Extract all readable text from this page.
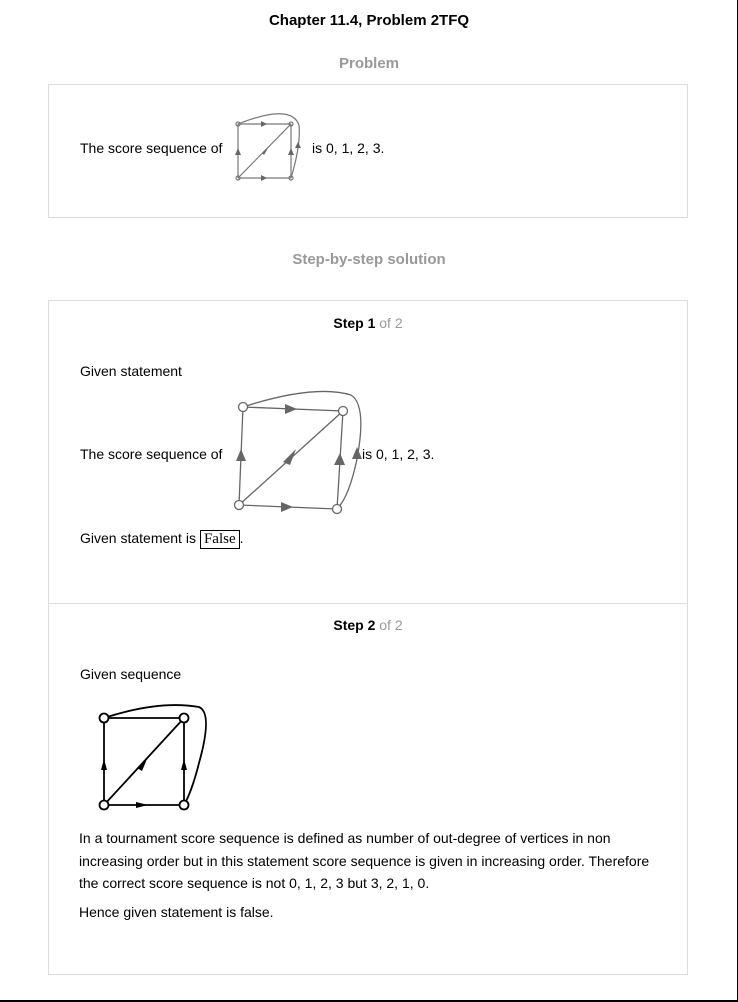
Chapter 11.4, Problem 2TFQ
Problem
The score sequence of	is 0, 1, 2, 3.
Step-by-step solution
Step 1 of 2
Given statement
The score sequence of	is 0, 1, 2, 3.
Given statement is False .
Step 2 of 2
Given sequence
In a tournament score sequence is defined as number of out-degree of vertices in non increasing order but in this statement score sequence is given in increasing order. Therefore the correct score sequence is not 0, 1, 2, 3 but 3, 2, 1, 0.
Hence given statement is false.
